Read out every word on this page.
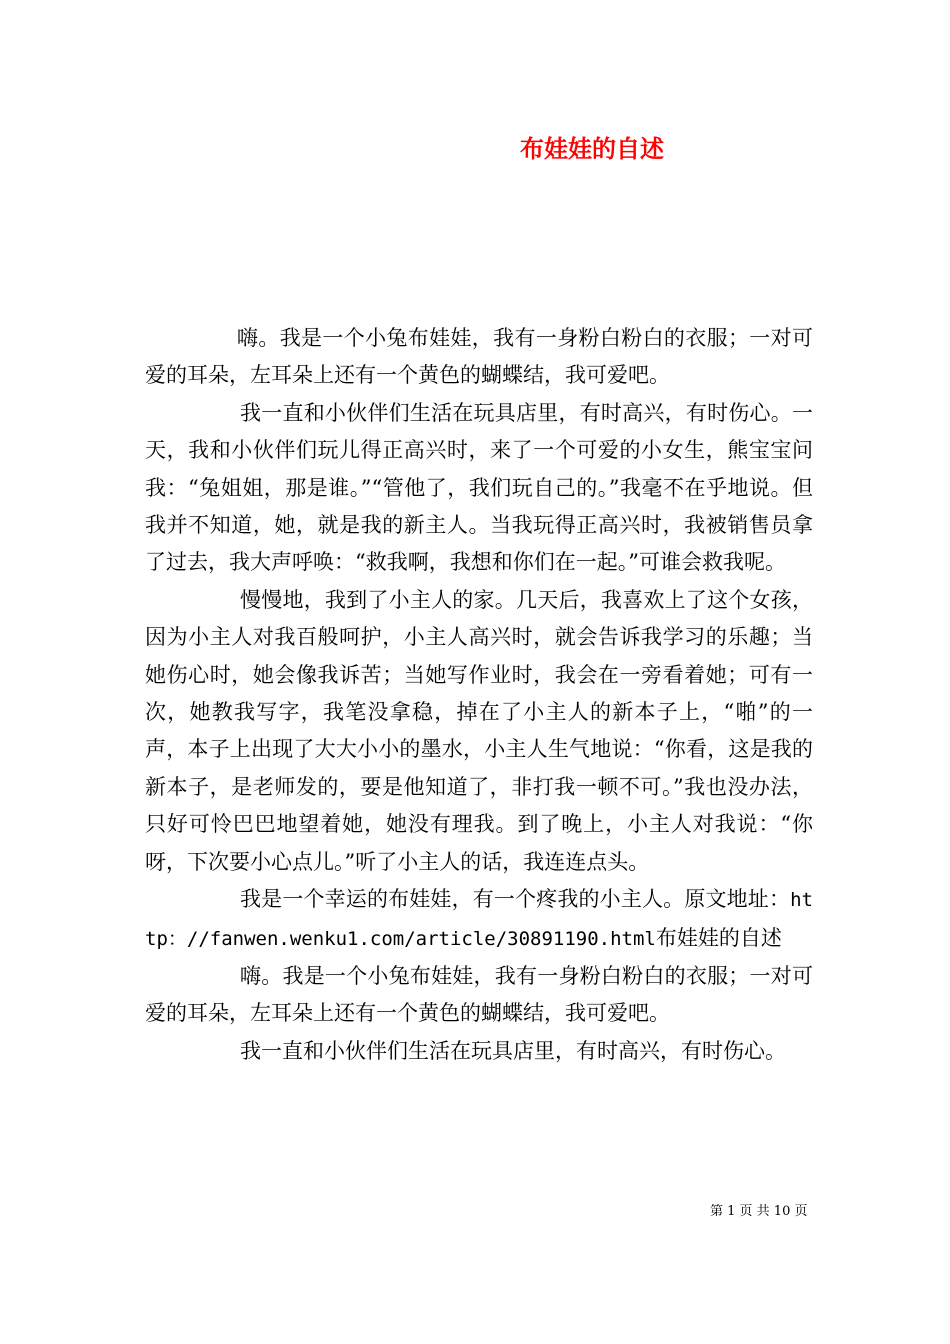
布娃娃的自述

嗨。我是一个小兔布娃娃，我有一身粉白粉白的衣服；一对可爱的耳朵，左耳朵上还有一个黄色的蝴蝶结，我可爱吧。

我一直和小伙伴们生活在玩具店里，有时高兴，有时伤心。一天，我和小伙伴们玩儿得正高兴时，来了一个可爱的小女生，熊宝宝问我：“兔姐姐，那是谁。”“管他了，我们玩自己的。”我毫不在乎地说。但我并不知道，她，就是我的新主人。当我玩得正高兴时，我被销售员拿了过去，我大声呼唤：“救我啊，我想和你们在一起。”可谁会救我呢。

慢慢地，我到了小主人的家。几天后，我喜欢上了这个女孩，因为小主人对我百般呵护，小主人高兴时，就会告诉我学习的乐趣；当她伤心时，她会像我诉苦；当她写作业时，我会在一旁看着她；可有一次，她教我写字，我笔没拿稳，掉在了小主人的新本子上，“啪”的一声，本子上出现了大大小小的墨水，小主人生气地说：“你看，这是我的新本子，是老师发的，要是他知道了，非打我一顿不可。”我也没办法，只好可怜巴巴地望着她，她没有理我。到了晚上，小主人对我说：“你呀，下次要小心点儿。”听了小主人的话，我连连点头。

我是一个幸运的布娃娃，有一个疼我的小主人。原文地址：http：//fanwen.wenku1.com/article/30891190.html布娃娃的自述

嗨。我是一个小兔布娃娃，我有一身粉白粉白的衣服；一对可爱的耳朵，左耳朵上还有一个黄色的蝴蝶结，我可爱吧。

我一直和小伙伴们生活在玩具店里，有时高兴，有时伤心。

第 1 页 共 10 页
